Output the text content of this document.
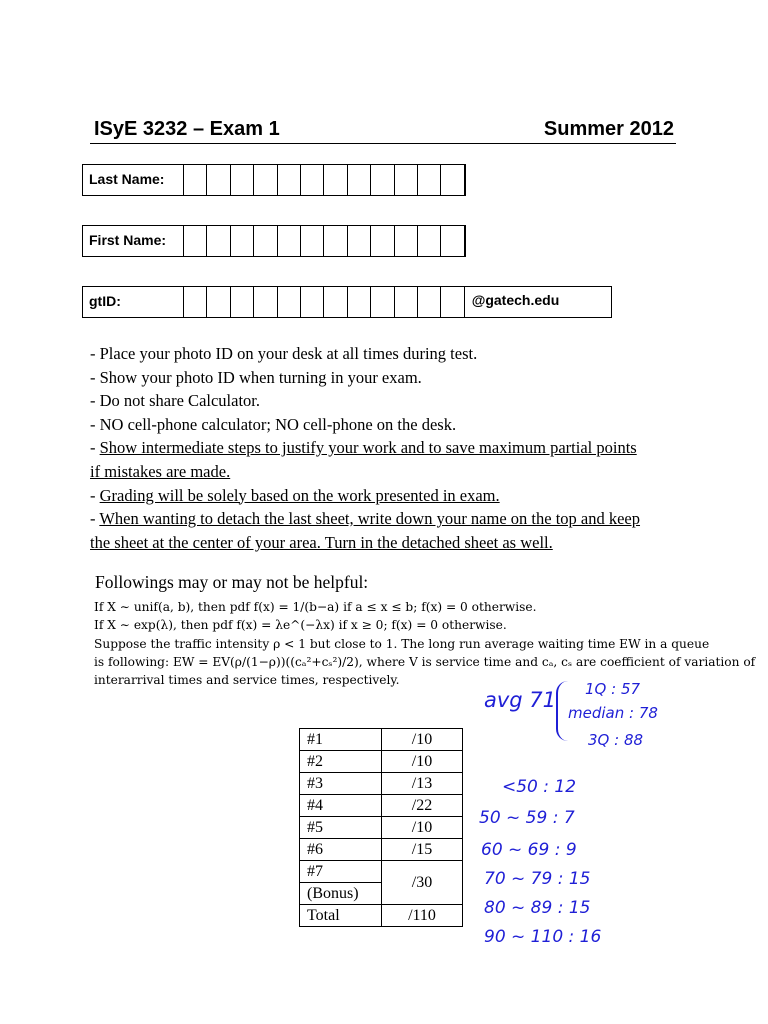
ISyE 3232 – Exam 1	Summer 2012
Last Name:
First Name:
gtID:	@gatech.edu
- Place your photo ID on your desk at all times during test.
- Show your photo ID when turning in your exam.
- Do not share Calculator.
- NO cell-phone calculator; NO cell-phone on the desk.
- Show intermediate steps to justify your work and to save maximum partial points
if mistakes are made.
- Grading will be solely based on the work presented in exam.
- When wanting to detach the last sheet, write down your name on the top and keep
the sheet at the center of your area. Turn in the detached sheet as well.
Followings may or may not be helpful:
If X ∼ unif(a, b), then pdf f(x) = 1/(b−a) if a ≤ x ≤ b; f(x) = 0 otherwise.
If X ∼ exp(λ), then pdf f(x) = λe^(−λx) if x ≥ 0; f(x) = 0 otherwise.
Suppose the traffic intensity ρ < 1 but close to 1. The long run average waiting time EW in a queue
is following: EW = EV(ρ/(1−ρ))((cₐ²+cₛ²)/2), where V is service time and cₐ, cₛ are coefficient of variation of
interarrival times and service times, respectively.
#1	/10
#2	/10
#3	/13
#4	/22
#5	/10
#6	/15
#7	/30
(Bonus)	
Total	/110
avg 71 1Q : 57
median : 78
3Q : 88
<50 : 12
50 ~ 59 : 7
60 ~ 69 : 9
70 ~ 79 : 15
80 ~ 89 : 15
90 ~ 110 : 16
